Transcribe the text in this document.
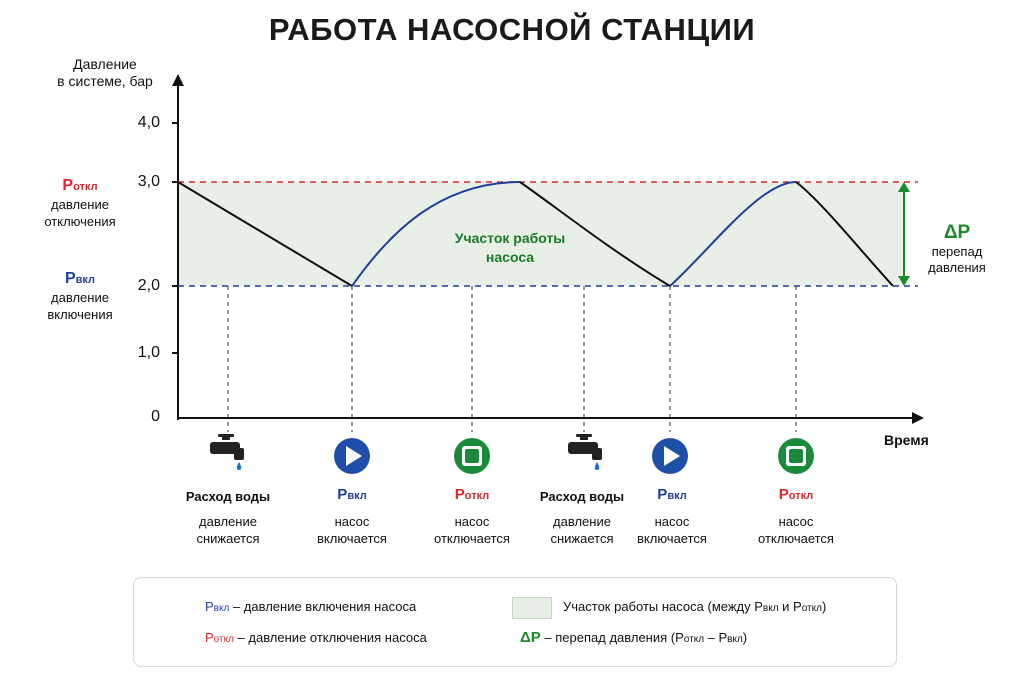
РАБОТА НАСОСНОЙ СТАНЦИИ
Давление
в системе, бар
4,0
3,0
2,0
1,0
0
Pоткл
давление
отключения
Pвкл
давление
включения
Участок работы
насоса
ΔP
перепад
давления
Время
Расход воды
давление
снижается
Pвкл
насос
включается
Pоткл
насос
отключается
Расход воды
давление
снижается
Pвкл
насос
включается
Pоткл
насос
отключается
Pвкл – давление включения насоса
Pоткл – давление отключения насоса
Участок работы насоса (между Pвкл и Pоткл)
ΔP – перепад давления (Pоткл – Pвкл)
